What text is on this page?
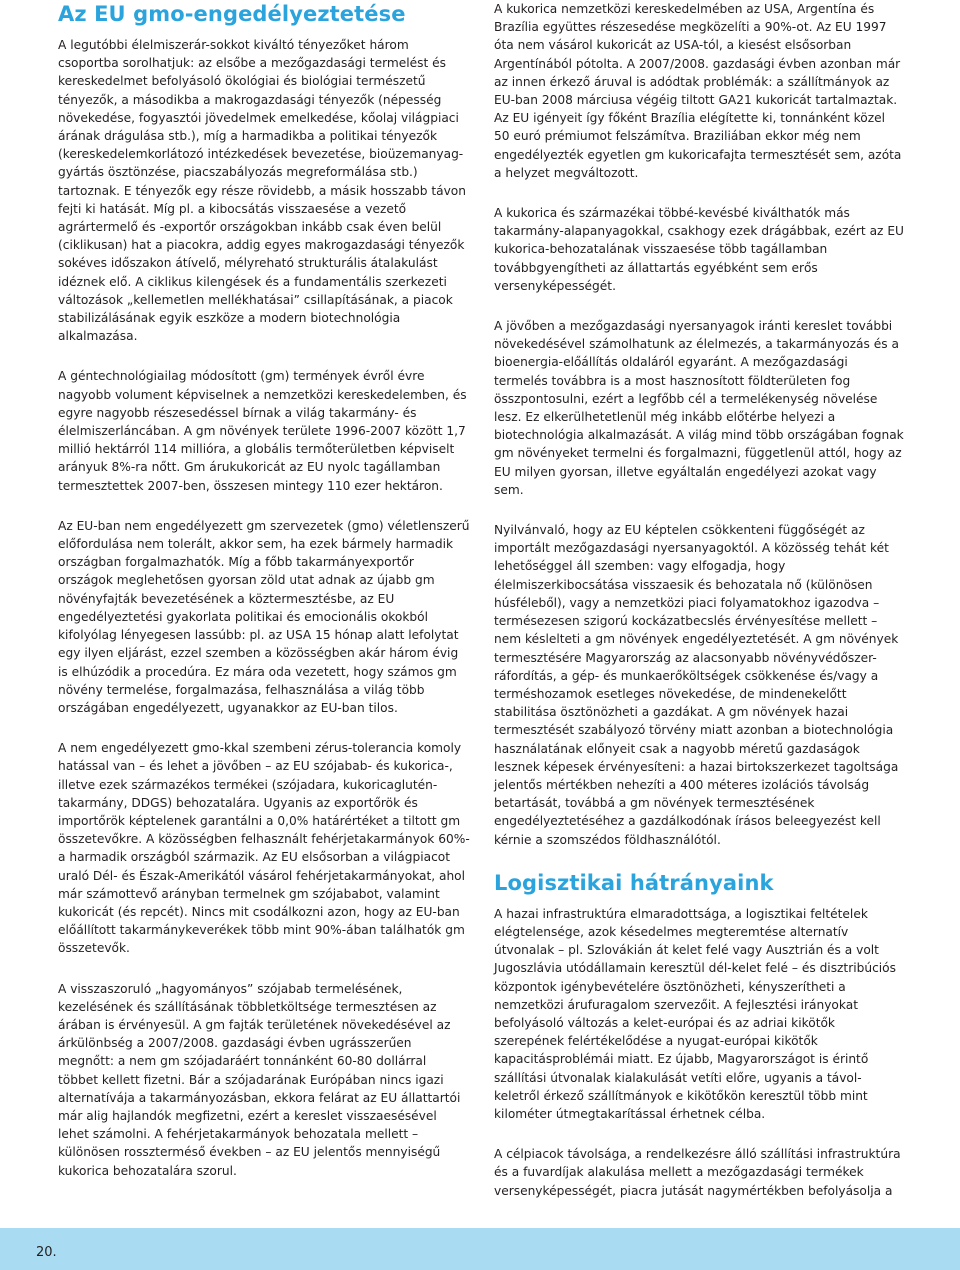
Az EU gmo-engedélyeztetése

A legutóbbi élelmiszerár-sokkot kiváltó tényezőket három csoportba sorolhatjuk: az elsőbe a mezőgazdasági termelést és kereskedelmet befolyásoló ökológiai és biológiai természetű tényezők, a másodikba a makrogazdasági tényezők (népesség növekedése, fogyasztói jövedelmek emelkedése, kőolaj világpiaci árának drágulása stb.), míg a harmadikba a politikai tényezők (kereskedelemkorlátozó intézkedések bevezetése, bioüzemanyag-gyártás ösztönzése, piacszabályozás megreformálása stb.) tartoznak. E tényezők egy része rövidebb, a másik hosszabb távon fejti ki hatását. Míg pl. a kibocsátás visszaesése a vezető agrártermelő és -exportőr országokban inkább csak éven belül (ciklikusan) hat a piacokra, addig egyes makrogazdasági tényezők sokéves időszakon átívelő, mélyreható strukturális átalakulást idéznek elő. A ciklikus kilengések és a fundamentális szerkezeti változások „kellemetlen mellékhatásai” csillapításának, a piacok stabilizálásának egyik eszköze a modern biotechnológia alkalmazása.

A géntechnológiailag módosított (gm) termények évről évre nagyobb volument képviselnek a nemzetközi kereskedelemben, és egyre nagyobb részesedéssel bírnak a világ takarmány- és élelmiszerláncában. A gm növények területe 1996-2007 között 1,7 millió hektárról 114 millióra, a globális termőterületben képviselt arányuk 8%-ra nőtt. Gm árukukoricát az EU nyolc tagállamban termesztettek 2007-ben, összesen mintegy 110 ezer hektáron.

Az EU-ban nem engedélyezett gm szervezetek (gmo) véletlenszerű előfordulása nem tolerált, akkor sem, ha ezek bármely harmadik országban forgalmazhatók. Míg a főbb takarmányexportőr országok meglehetősen gyorsan zöld utat adnak az újabb gm növényfajták bevezetésének a köztermesztésbe, az EU engedélyeztetési gyakorlata politikai és emocionális okokból kifolyólag lényegesen lassúbb: pl. az USA 15 hónap alatt lefolytat egy ilyen eljárást, ezzel szemben a közösségben akár három évig is elhúzódik a procedúra. Ez mára oda vezetett, hogy számos gm növény termelése, forgalmazása, felhasználása a világ több országában engedélyezett, ugyanakkor az EU-ban tilos.

A nem engedélyezett gmo-kkal szembeni zérus-tolerancia komoly hatással van – és lehet a jövőben – az EU szójabab- és kukorica-, illetve ezek származékos termékei (szójadara, kukoricaglutén-takarmány, DDGS) behozatalára. Ugyanis az exportőrök és importőrök képtelenek garantálni a 0,0% határértéket a tiltott gm összetevőkre. A közösségben felhasznált fehérjetakarmányok 60%-a harmadik országból származik. Az EU elsősorban a világpiacot uraló Dél- és Észak-Amerikától vásárol fehérjetakarmányokat, ahol már számottevő arányban termelnek gm szójababot, valamint kukoricát (és repcét). Nincs mit csodálkozni azon, hogy az EU-ban előállított takarmánykeverékek több mint 90%-ában találhatók gm összetevők.

A visszaszoruló „hagyományos” szójabab termelésének, kezelésének és szállításának többletköltsége termesztésen az árában is érvényesül. A gm fajták területének növekedésével az árkülönbség a 2007/2008. gazdasági évben ugrásszerűen megnőtt: a nem gm szójadaráért tonnánként 60-80 dollárral többet kellett fizetni. Bár a szójadarának Európában nincs igazi alternatívája a takarmányozásban, ekkora felárat az EU állattartói már alig hajlandók megfizetni, ezért a kereslet visszaesésével lehet számolni. A fehérjetakarmányok behozatala mellett – különösen rosszterméső években – az EU jelentős mennyiségű kukorica behozatalára szorul.

A kukorica nemzetközi kereskedelmében az USA, Argentína és Brazília együttes részesedése megközelíti a 90%-ot. Az EU 1997 óta nem vásárol kukoricát az USA-tól, a kiesést elsősorban Argentínából pótolta. A 2007/2008. gazdasági évben azonban már az innen érkező áruval is adódtak problémák: a szállítmányok az EU-ban 2008 márciusa végéig tiltott GA21 kukoricát tartalmaztak. Az EU igényeit így főként Brazília elégítette ki, tonnánként közel 50 euró prémiumot felszámítva. Braziliában ekkor még nem engedélyezték egyetlen gm kukoricafajta termesztését sem, azóta a helyzet megváltozott.

A kukorica és származékai többé-kevésbé kiválthatók más takarmány-alapanyagokkal, csakhogy ezek drágábbak, ezért az EU kukorica-behozatalának visszaesése több tagállamban továbbgyengítheti az állattartás egyébként sem erős versenyképességét.

A jövőben a mezőgazdasági nyersanyagok iránti kereslet további növekedésével számolhatunk az élelmezés, a takarmányozás és a bioenergia-előállítás oldaláról egyaránt. A mezőgazdasági termelés továbbra is a most hasznosított földterületen fog összpontosulni, ezért a legfőbb cél a termelékenység növelése lesz. Ez elkerülhetetlenül még inkább előtérbe helyezi a biotechnológia alkalmazását. A világ mind több országában fognak gm növényeket termelni és forgalmazni, függetlenül attól, hogy az EU milyen gyorsan, illetve egyáltalán engedélyezi azokat vagy sem.

Nyilvánvaló, hogy az EU képtelen csökkenteni függőségét az importált mezőgazdasági nyersanyagoktól. A közösség tehát két lehetőséggel áll szemben: vagy elfogadja, hogy élelmiszerkibocsátása visszaesik és behozatala nő (különösen húsféleből), vagy a nemzetközi piaci folyamatokhoz igazodva – termésezesen szigorú kockázatbecslés érvényesítése mellett – nem késlelteti a gm növények engedélyeztetését. A gm növények termesztésére Magyarország az alacsonyabb növényvédőszer-ráfordítás, a gép- és munkaerőköltségek csökkenése és/vagy a terméshozamok esetleges növekedése, de mindenekelőtt stabilitása ösztönözheti a gazdákat. A gm növények hazai termesztését szabályozó törvény miatt azonban a biotechnológia használatának előnyeit csak a nagyobb méretű gazdaságok lesznek képesek érvényesíteni: a hazai birtokszerkezet tagoltsága jelentős mértékben nehezíti a 400 méteres izolációs távolság betartását, továbbá a gm növények termesztésének engedélyeztetéséhez a gazdálkodónak írásos beleegyezést kell kérnie a szomszédos földhasználótól.

Logisztikai hátrányaink

A hazai infrastruktúra elmaradottsága, a logisztikai feltételek elégtelensége, azok késedelmes megteremtése alternatív útvonalak – pl. Szlovákián át kelet felé vagy Ausztrián és a volt Jugoszlávia utódállamain keresztül dél-kelet felé – és disztribúciós központok igénybevételére ösztönözheti, kényszerítheti a nemzetközi árufuragalom szervezőit. A fejlesztési irányokat befolyásoló változás a kelet-európai és az adriai kikötők szerepének felértékelődése a nyugat-európai kikötők kapacitásproblémái miatt. Ez újabb, Magyarországot is érintő szállítási útvonalak kialakulását vetíti előre, ugyanis a távol-keletről érkező szállítmányok e kikötőkön keresztül több mint kilométer útmegtakarítással érhetnek célba.

A célpiacok távolsága, a rendelkezésre álló szállítási infrastruktúra és a fuvardíjak alakulása mellett a mezőgazdasági termékek versenyképességét, piacra jutását nagymértékben befolyásolja a

20.
